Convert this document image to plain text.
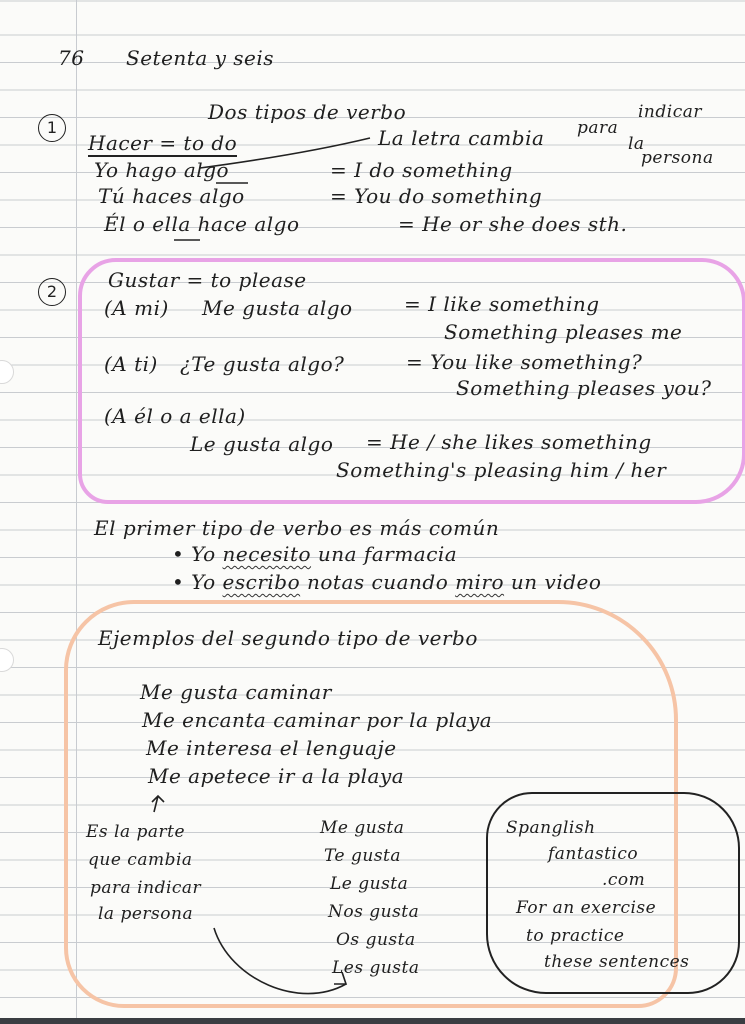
76 Setenta y seis
1
Dos tipos de verbo
Hacer = to do	La letra cambia para
indicar
la
persona
Yo hago algo	= I do something
Tú haces algo	= You do something
Él o ella hace algo	= He or she does sth.
2	Gustar = to please
(A mi) Me gusta algo	= I like something
Something pleases me
(A ti) ¿Te gusta algo?	= You like something?
Something pleases you?
(A él o a ella)
Le gusta algo = He / she likes something
Something's pleasing him / her
El primer tipo de verbo es más común
• Yo necesito una farmacia
• Yo escribo notas cuando miro un video
Ejemplos del segundo tipo de verbo
Me gusta caminar
Me encanta caminar por la playa
Me interesa el lenguaje
Me apetece ir a la playa
Es la parte
que cambia
para indicar
la persona
Me gusta
Te gusta
Le gusta
Nos gusta
Os gusta
Les gusta
Spanglish
fantastico
.com
For an exercise
to practice
these sentences
